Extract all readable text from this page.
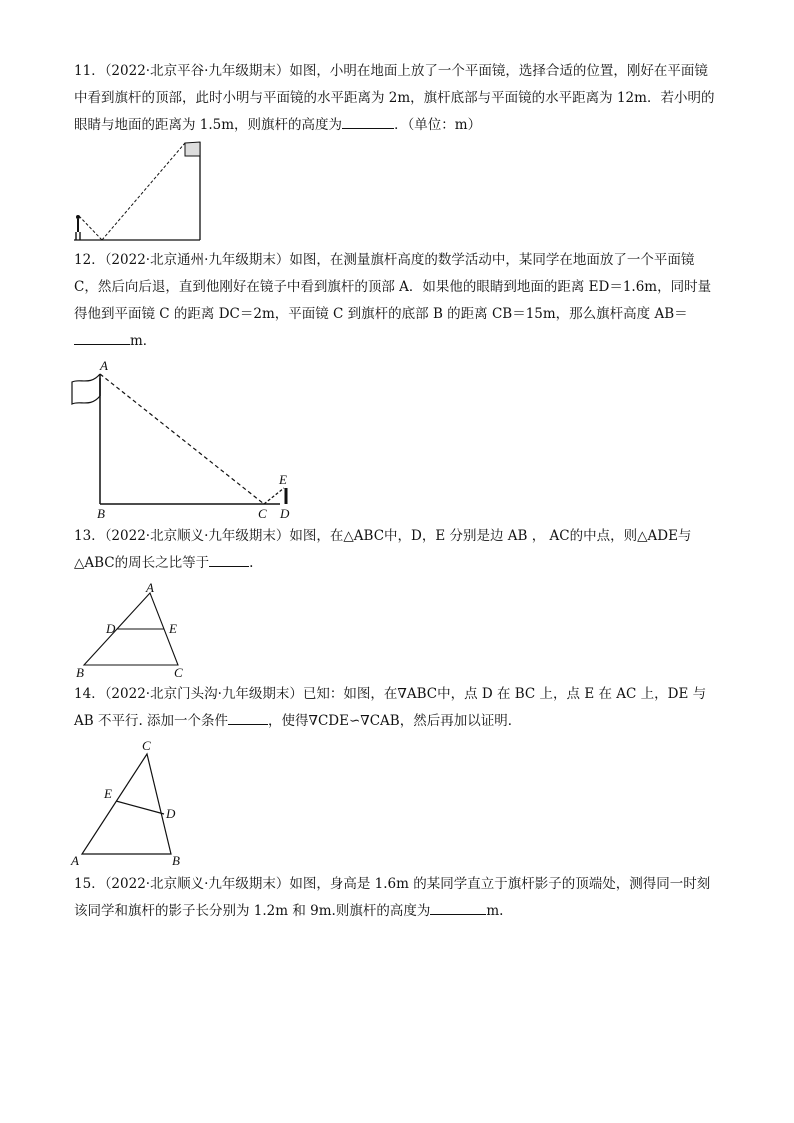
11．（2022·北京平谷·九年级期末）如图，小明在地面上放了一个平面镜，选择合适的位置，刚好在平面镜中看到旗杆的顶部，此时小明与平面镜的水平距离为 2m，旗杆底部与平面镜的水平距离为 12m．若小明的眼睛与地面的距离为 1.5m，则旗杆的高度为	．（单位：m）
12．（2022·北京通州·九年级期末）如图，在测量旗杆高度的数学活动中，某同学在地面放了一个平面镜 C，然后向后退，直到他刚好在镜子中看到旗杆的顶部 A．如果他的眼睛到地面的距离 ED＝1.6m，同时量得他到平面镜 C 的距离 DC＝2m，平面镜 C 到旗杆的底部 B 的距离 CB＝15m，那么旗杆高度 AB＝
m．
A
B	C D
E
13．（2022·北京顺义·九年级期末）如图，在△ABC中，D，E 分别是边 AB ， AC的中点，则△ADE与△ABC的周长之比等于	.
A
B	C
D	E
14．（2022·北京门头沟·九年级期末）已知：如图，在∇ABC中，点 D 在 BC 上，点 E 在 AC 上，DE 与 AB 不平行. 添加一个条件	，使得∇CDE∽∇CAB，然后再加以证明．
C
A	B
E
D
15．（2022·北京顺义·九年级期末）如图，身高是 1.6m 的某同学直立于旗杆影子的顶端处，测得同一时刻该同学和旗杆的影子长分别为 1.2m 和 9m.则旗杆的高度为	m.
